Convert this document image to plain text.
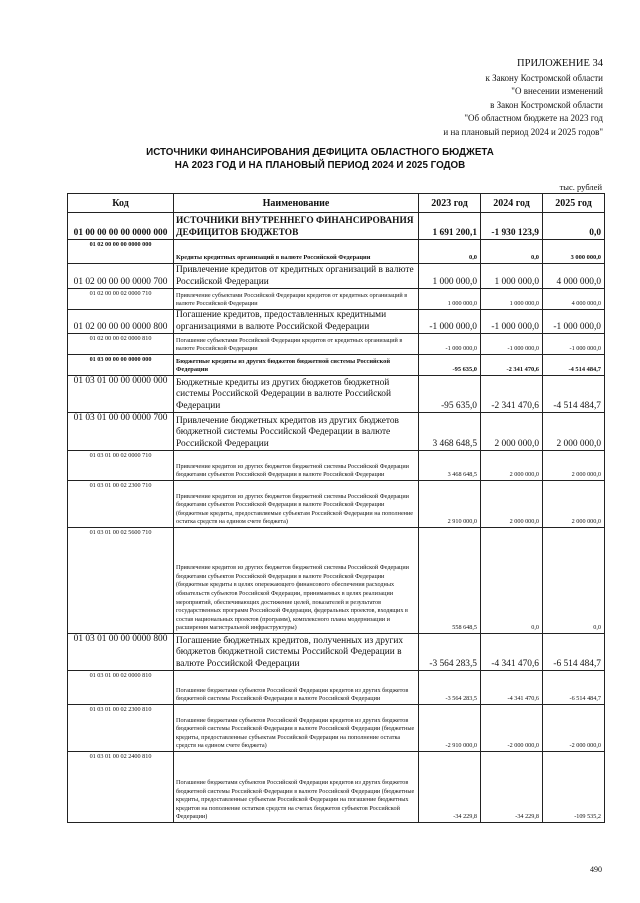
ПРИЛОЖЕНИЕ 34
к Закону Костромской области
"О внесении изменений
в Закон Костромской области
"Об областном бюджете на 2023 год
и на плановый период 2024 и 2025 годов"
ИСТОЧНИКИ ФИНАНСИРОВАНИЯ ДЕФИЦИТА ОБЛАСТНОГО БЮДЖЕТА
НА 2023 ГОД И НА ПЛАНОВЫЙ ПЕРИОД 2024 И 2025 ГОДОВ
тыс. рублей
Код	Наименование	2023 год	2024 год	2025 год
01 00 00 00 00 0000 000	ИСТОЧНИКИ ВНУТРЕННЕГО ФИНАНСИРОВАНИЯ ДЕФИЦИТОВ БЮДЖЕТОВ	1 691 200,1	-1 930 123,9	0,0
01 02 00 00 00 0000 000	Кредиты кредитных организаций в валюте Российской Федерации	0,0	0,0	3 000 000,0
01 02 00 00 00 0000 700	Привлечение кредитов от кредитных организаций в валюте Российской Федерации	1 000 000,0	1 000 000,0	4 000 000,0
01 02 00 00 02 0000 710	Привлечение субъектами Российской Федерации кредитов от кредитных организаций в валюте Российской Федерации	1 000 000,0	1 000 000,0	4 000 000,0
01 02 00 00 00 0000 800	Погашение кредитов, предоставленных кредитными организациями в валюте Российской Федерации	-1 000 000,0	-1 000 000,0	-1 000 000,0
01 02 00 00 02 0000 810	Погашение субъектами Российской Федерации кредитов от кредитных организаций в валюте Российской Федерации	-1 000 000,0	-1 000 000,0	-1 000 000,0
01 03 00 00 00 0000 000	Бюджетные кредиты из других бюджетов бюджетной системы Российской Федерации	-95 635,0	-2 341 470,6	-4 514 484,7
01 03 01 00 00 0000 000	Бюджетные кредиты из других бюджетов бюджетной системы Российской Федерации в валюте Российской Федерации	-95 635,0	-2 341 470,6	-4 514 484,7
01 03 01 00 00 0000 700	Привлечение бюджетных кредитов из других бюджетов бюджетной системы Российской Федерации в валюте Российской Федерации	3 468 648,5	2 000 000,0	2 000 000,0
01 03 01 00 02 0000 710	Привлечение кредитов из других бюджетов бюджетной системы Российской Федерации бюджетами субъектов Российской Федерации в валюте Российской Федерации	3 468 648,5	2 000 000,0	2 000 000,0
01 03 01 00 02 2300 710	Привлечение кредитов из других бюджетов бюджетной системы Российской Федерации бюджетами субъектов Российской Федерации в валюте Российской Федерации (бюджетные кредиты, предоставляемые субъектам Российской Федерации на пополнение остатка средств на едином счете бюджета)	2 910 000,0	2 000 000,0	2 000 000,0
01 03 01 00 02 5600 710	Привлечение кредитов из других бюджетов бюджетной системы Российской Федерации бюджетами субъектов Российской Федерации в валюте Российской Федерации (бюджетные кредиты в целях опережающего финансового обеспечения расходных обязательств субъектов Российской Федерации, принимаемых в целях реализации мероприятий, обеспечивающих достижение целей, показателей и результатов государственных программ Российской Федерации, федеральных проектов, входящих в состав национальных проектов (программ), комплексного плана модернизации и расширения магистральной инфраструктуры)	558 648,5	0,0	0,0
01 03 01 00 00 0000 800	Погашение бюджетных кредитов, полученных из других бюджетов бюджетной системы Российской Федерации в валюте Российской Федерации	-3 564 283,5	-4 341 470,6	-6 514 484,7
01 03 01 00 02 0000 810	Погашение бюджетами субъектов Российской Федерации кредитов из других бюджетов бюджетной системы Российской Федерации в валюте Российской Федерации	-3 564 283,5	-4 341 470,6	-6 514 484,7
01 03 01 00 02 2300 810	Погашение бюджетами субъектов Российской Федерации кредитов из других бюджетов бюджетной системы Российской Федерации в валюте Российской Федерации (бюджетные кредиты, предоставленные субъектам Российской Федерации на пополнение остатка средств на едином счете бюджета)	-2 910 000,0	-2 000 000,0	-2 000 000,0
01 03 01 00 02 2400 810	Погашение бюджетами субъектов Российской Федерации кредитов из других бюджетов бюджетной системы Российской Федерации в валюте Российской Федерации (бюджетные кредиты, предоставленные субъектам Российской Федерации на погашение бюджетных кредитов на пополнение остатков средств на счетах бюджетов субъектов Российской Федерации)	-34 229,8	-34 229,8	-109 535,2
490
